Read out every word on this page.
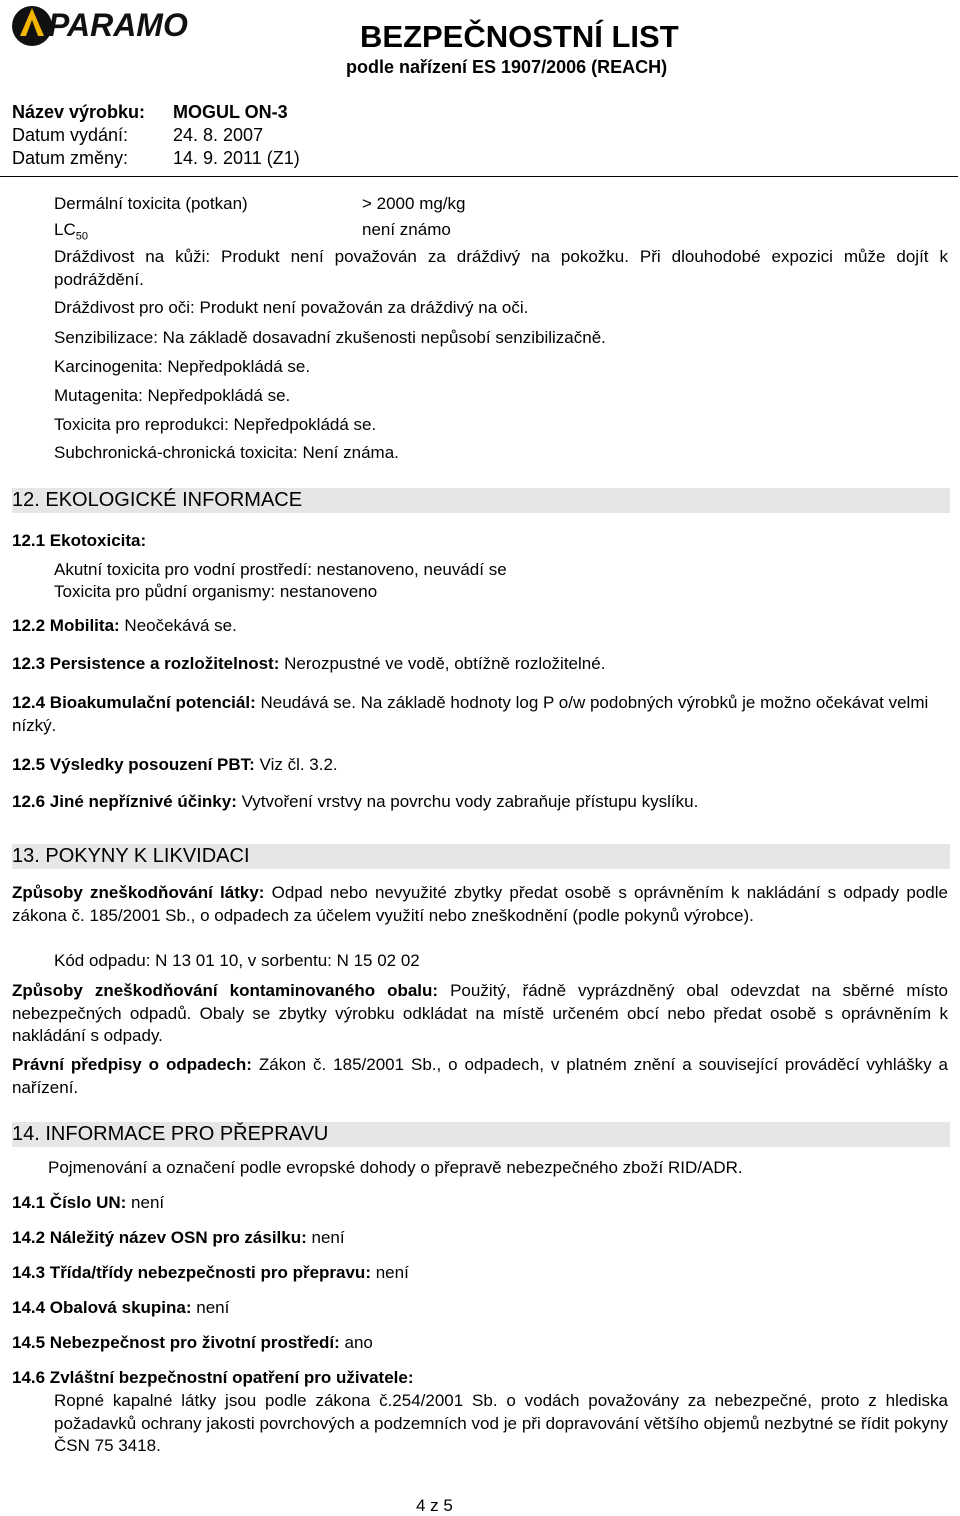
PARAMO	BEZPEČNOSTNÍ LIST
podle nařízení ES 1907/2006 (REACH)
Název výrobku: MOGUL ON-3
Datum vydání: 24. 8. 2007
Datum změny: 14. 9. 2011 (Z1)
Dermální toxicita (potkan)	> 2000 mg/kg
$LC_{50}$	není známo
Dráždivost na kůži: Produkt není považován za dráždivý na pokožku. Při dlouhodobé expozici může dojít k podráždění.
Dráždivost pro oči: Produkt není považován za dráždivý na oči.
Senzibilizace: Na základě dosavadní zkušenosti nepůsobí senzibilizačně.
Karcinogenita: Nepředpokládá se.
Mutagenita: Nepředpokládá se.
Toxicita pro reprodukci: Nepředpokládá se.
Subchronická-chronická toxicita: Není známa.
12. EKOLOGICKÉ INFORMACE
12.1 Ekotoxicita:
Akutní toxicita pro vodní prostředí: nestanoveno, neuvádí se
Toxicita pro půdní organismy: nestanoveno
12.2 Mobilita: Neočekává se.
12.3 Persistence a rozložitelnost: Nerozpustné ve vodě, obtížně rozložitelné.
12.4 Bioakumulační potenciál: Neudává se. Na základě hodnoty log P o/w podobných výrobků je možno očekávat velmi nízký.
12.5 Výsledky posouzení PBT: Viz čl. 3.2.
12.6 Jiné nepříznivé účinky: Vytvoření vrstvy na povrchu vody zabraňuje přístupu kyslíku.
13. POKYNY K LIKVIDACI
Způsoby zneškodňování látky: Odpad nebo nevyužité zbytky předat osobě s oprávněním k nakládání s odpady podle zákona č. 185/2001 Sb., o odpadech za účelem využití nebo zneškodnění (podle pokynů výrobce).
Kód odpadu: N 13 01 10, v sorbentu: N 15 02 02
Způsoby zneškodňování kontaminovaného obalu: Použitý, řádně vyprázdněný obal odevzdat na sběrné místo nebezpečných odpadů. Obaly se zbytky výrobku odkládat na místě určeném obcí nebo předat osobě s oprávněním k nakládání s odpady.
Právní předpisy o odpadech: Zákon č. 185/2001 Sb., o odpadech, v platném znění a související prováděcí vyhlášky a nařízení.
14. INFORMACE PRO PŘEPRAVU
Pojmenování a označení podle evropské dohody o přepravě nebezpečného zboží RID/ADR.
14.1 Číslo UN: není
14.2 Náležitý název OSN pro zásilku: není
14.3 Třída/třídy nebezpečnosti pro přepravu: není
14.4 Obalová skupina: není
14.5 Nebezpečnost pro životní prostředí: ano
14.6 Zvláštní bezpečnostní opatření pro uživatele:
Ropné kapalné látky jsou podle zákona č.254/2001 Sb. o vodách považovány za nebezpečné, proto z hlediska požadavků ochrany jakosti povrchových a podzemních vod je při dopravování většího objemů nezbytné se řídit pokyny ČSN 75 3418.
4 z 5
